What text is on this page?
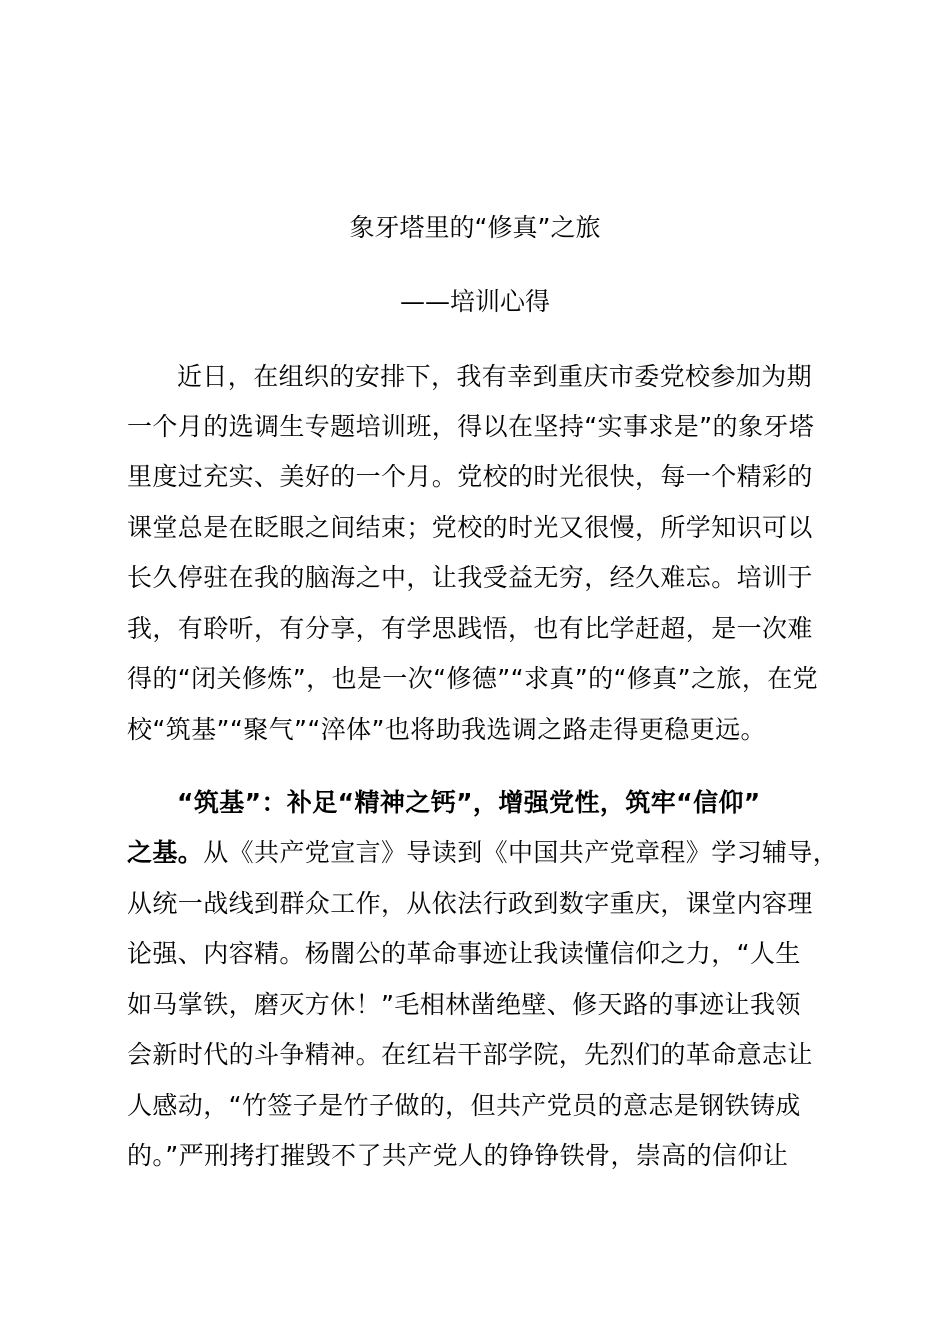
象牙塔里的“修真”之旅
——培训心得
近日，在组织的安排下，我有幸到重庆市委党校参加为期
一个月的选调生专题培训班，得以在坚持“实事求是”的象牙塔
里度过充实、美好的一个月。党校的时光很快，每一个精彩的
课堂总是在眨眼之间结束；党校的时光又很慢，所学知识可以
长久停驻在我的脑海之中，让我受益无穷，经久难忘。培训于
我，有聆听，有分享，有学思践悟，也有比学赶超，是一次难
得的“闭关修炼”，也是一次“修德”“求真”的“修真”之旅，在党
校“筑基”“聚气”“淬体”也将助我选调之路走得更稳更远。
“筑基”：补足“精神之钙”，增强党性，筑牢“信仰”
之基。从《共产党宣言》导读到《中国共产党章程》学习辅导，
从统一战线到群众工作，从依法行政到数字重庆，课堂内容理
论强、内容精。杨闇公的革命事迹让我读懂信仰之力，“人生
如马掌铁，磨灭方休！”毛相林凿绝壁、修天路的事迹让我领
会新时代的斗争精神。在红岩干部学院，先烈们的革命意志让
人感动，“竹签子是竹子做的，但共产党员的意志是钢铁铸成
的。”严刑拷打摧毁不了共产党人的铮铮铁骨，崇高的信仰让
